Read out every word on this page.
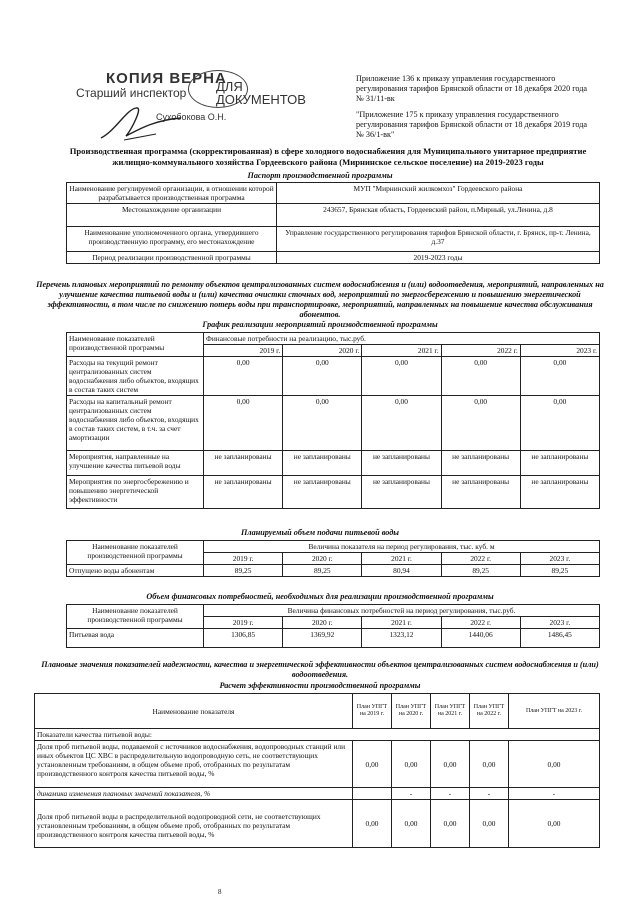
КОПИЯ ВЕРНА
Старший инспектор ДЛЯ
ДОКУМЕНТОВ
Сухобокова О.Н.
Приложение 136 к приказу управления государственного регулирования тарифов Брянской области от 18 декабря 2020 года № 31/11-вк
"Приложение 175 к приказу управления государственного регулирования тарифов Брянской области от 18 декабря 2019 года № 36/1-вк"
Производственная программа (скорректированная) в сфере холодного водоснабжения для Муниципального унитарное предприятие жилищно-коммунального хозяйства Гордеевского района (Мирнинское сельское поселение) на 2019-2023 годы
Паспорт производственной программы
Наименование регулируемой организации, в отношении которой разрабатывается производственная программа	МУП "Мирнинский жилкомхоз" Гордеевского района
Местонахождение организации	243657, Брянская область, Гордеевский район, п.Мирный, ул.Ленина, д.8
Наименование уполномоченного органа, утвердившего производственную программу, его местонахождение	Управление государственного регулирования тарифов Брянской области, г. Брянск, пр-т. Ленина, д.37
Период реализации производственной программы	2019-2023 годы
Перечень плановых мероприятий по ремонту объектов централизованных систем водоснабжения и (или) водоотведения, мероприятий, направленных на улучшение качества питьевой воды и (или) качества очистки сточных вод, мероприятий по энергосбережению и повышению энергетической эффективности, в том числе по снижению потерь воды при транспортировке, мероприятий, направленных на повышение качества обслуживания абонентов.
График реализации мероприятий производственной программы
Наименование показателей производственной программы	Финансовые потребности на реализацию, тыс.руб.				
	2019 г.	2020 г.	2021 г.	2022 г.	2023 г.
Расходы на текущий ремонт централизованных систем водоснабжения либо объектов, входящих в состав таких систем	0,00	0,00	0,00	0,00	0,00
Расходы на капитальный ремонт централизованных систем водоснабжения либо объектов, входящих в состав таких систем, в т.ч. за счет амортизации	0,00	0,00	0,00	0,00	0,00
Мероприятия, направленные на улучшение качества питьевой воды	не запланированы	не запланированы	не запланированы	не запланированы	не запланированы
Мероприятия по энергосбережению и повышению энергетической эффективности	не запланированы	не запланированы	не запланированы	не запланированы	не запланированы
Планируемый объем подачи питьевой воды
Наименование показателей производственной программы	Величина показателя на период регулирования, тыс. куб. м				
	2019 г.	2020 г.	2021 г.	2022 г.	2023 г.
Отпущено воды абонентам	89,25	89,25	80,94	89,25	89,25
Объем финансовых потребностей, необходимых для реализации производственной программы
Наименование показателей производственной программы	Величина финансовых потребностей на период регулирования, тыс.руб.				
	2019 г.	2020 г.	2021 г.	2022 г.	2023 г.
Питьевая вода	1306,85	1369,92	1323,12	1440,06	1486,45
Плановые значения показателей надежности, качества и энергетической эффективности объектов централизованных систем водоснабжения и (или) водоотведения.
Расчет эффективности производственной программы
Наименование показателя	План УПГТ на 2019 г.	План УПГТ на 2020 г.	План УПГТ на 2021 г.	План УПГТ на 2022 г.	План УПГТ на 2023 г.
Показатели качества питьевой воды:					
Доля проб питьевой воды, подаваемой с источников водоснабжения, водопроводных станций или иных объектов ЦС ХВС в распределительную водопроводную сеть, не соответствующих установленным требованиям, в общем объеме проб, отобранных по результатам производственного контроля качества питьевой воды, %	0,00	0,00	0,00	0,00	0,00
динамика изменения плановых значений показателя, %		-	-	-	-
Доля проб питьевой воды в распределительной водопроводной сети, не соответствующих установленным требованиям, в общем объеме проб, отобранных по результатам производственного контроля качества питьевой воды, %	0,00	0,00	0,00	0,00	0,00
8
